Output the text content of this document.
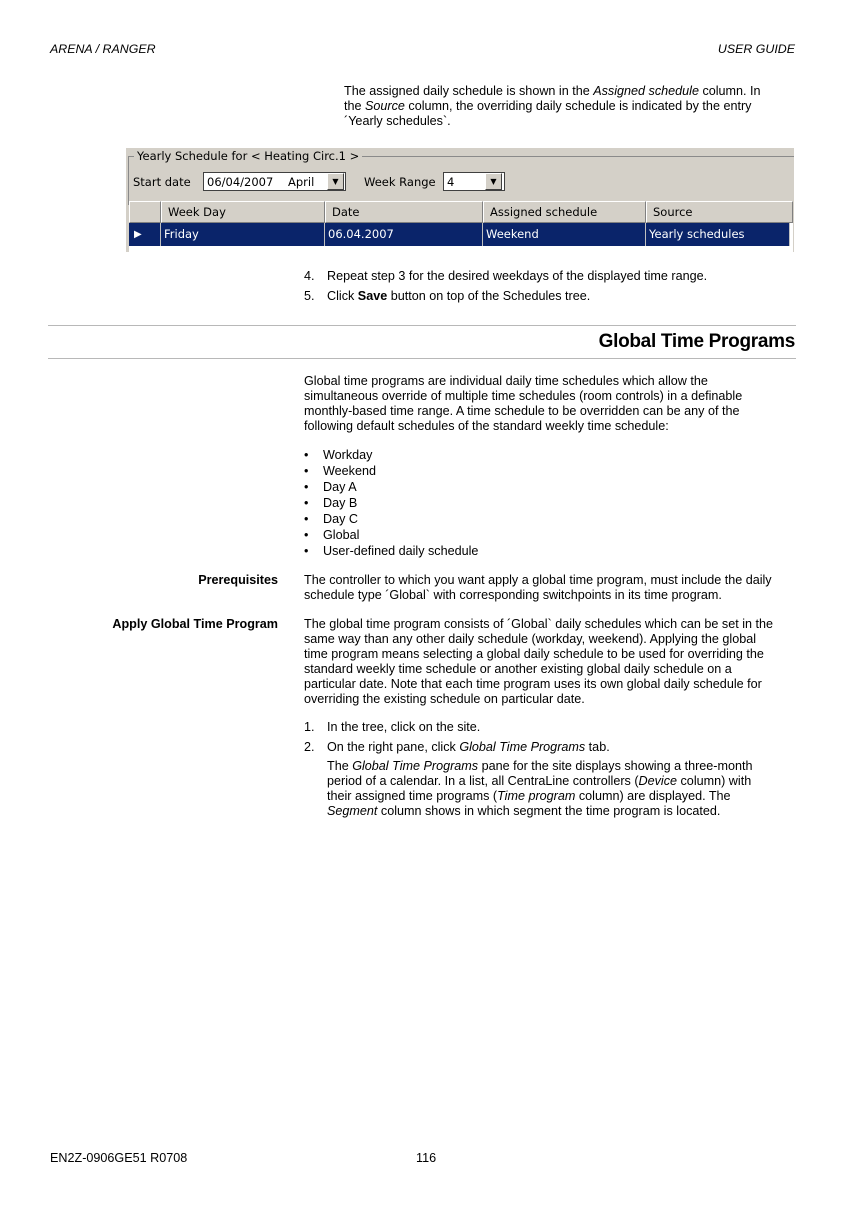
ARENA / RANGER	USER GUIDE

The assigned daily schedule is shown in the Assigned schedule column. In

the Source column, the overriding daily schedule is indicated by the entry

´Yearly schedules`.

Yearly Schedule for < Heating Circ.1 >
Start date	06/04/2007 April	▼	Week Range 4	▼
Week Day	Date	Assigned schedule	Source
▶	Friday	06.04.2007	Weekend	Yearly schedules
4. Repeat step 3 for the desired weekdays of the displayed time range.
5. Click Save button on top of the Schedules tree.
Global Time Programs

Global time programs are individual daily time schedules which allow the

simultaneous override of multiple time schedules (room controls) in a definable

monthly-based time range. A time schedule to be overridden can be any of the

following default schedules of the standard weekly time schedule:

• Workday
• Weekend
• Day A
• Day B
• Day C
• Global
• User-defined daily schedule
Prerequisites The controller to which you want apply a global time program, must include the daily

schedule type ´Global` with corresponding switchpoints in its time program.

Apply Global Time Program The global time program consists of ´Global` daily schedules which can be set in the

same way than any other daily schedule (workday, weekend). Applying the global

time program means selecting a global daily schedule to be used for overriding the

standard weekly time schedule or another existing global daily schedule on a

particular date. Note that each time program uses its own global daily schedule for

overriding the existing schedule on particular date.

1. In the tree, click on the site.
2. On the right pane, click Global Time Programs tab.

The Global Time Programs pane for the site displays showing a three-month

period of a calendar. In a list, all CentraLine controllers (Device column) with

their assigned time programs (Time program column) are displayed. The

Segment column shows in which segment the time program is located.

EN2Z-0906GE51 R0708	116
